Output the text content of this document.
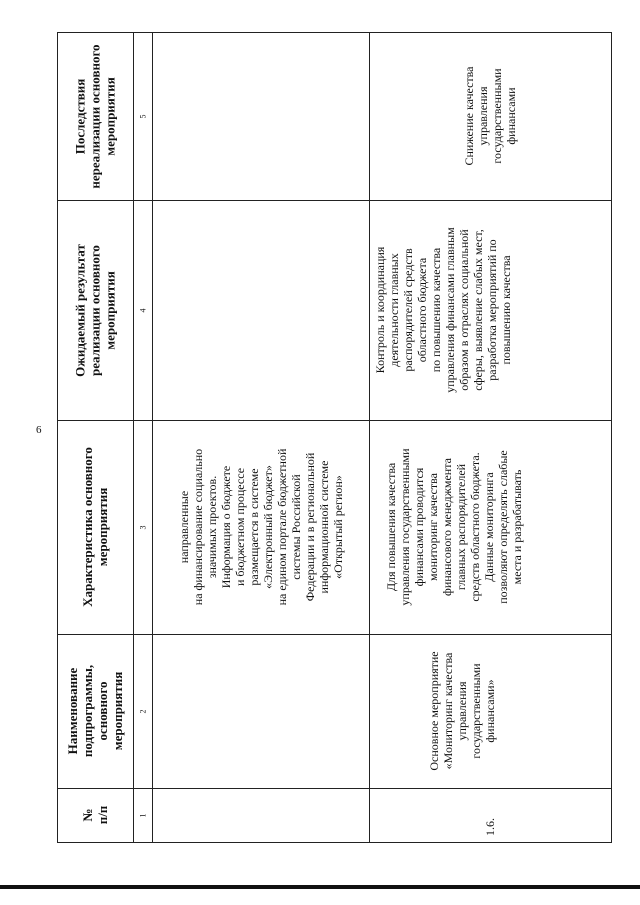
6
№
п/п
Наименование
подпрограммы,
основного
мероприятия
Характеристика основного
мероприятия
Ожидаемый результат
реализации основного
мероприятия
Последствия
нереализации основного
мероприятия
1
2
3
4
5
направленные
на финансирование социально
значимых проектов.
Информация о бюджете
и бюджетном процессе
размещается в системе
«Электронный бюджет»
на едином портале бюджетной
системы Российской
Федерации и в региональной
информационной системе
«Открытый регион»
1.6.
Основное мероприятие
«Мониторинг качества
управления
государственными
финансами»
Для повышения качества
управления государственными
финансами проводится
мониторинг качества
финансового менеджмента
главных распорядителей
средств областного бюджета.
Данные мониторинга
позволяют определять слабые
места и разрабатывать
Контроль и координация
деятельности главных
распорядителей средств
областного бюджета
по повышению качества
управления финансами главным
образом в отраслях социальной
сферы, выявление слабых мест,
разработка мероприятий по
повышению качества
Снижение качества
управления
государственными
финансами
